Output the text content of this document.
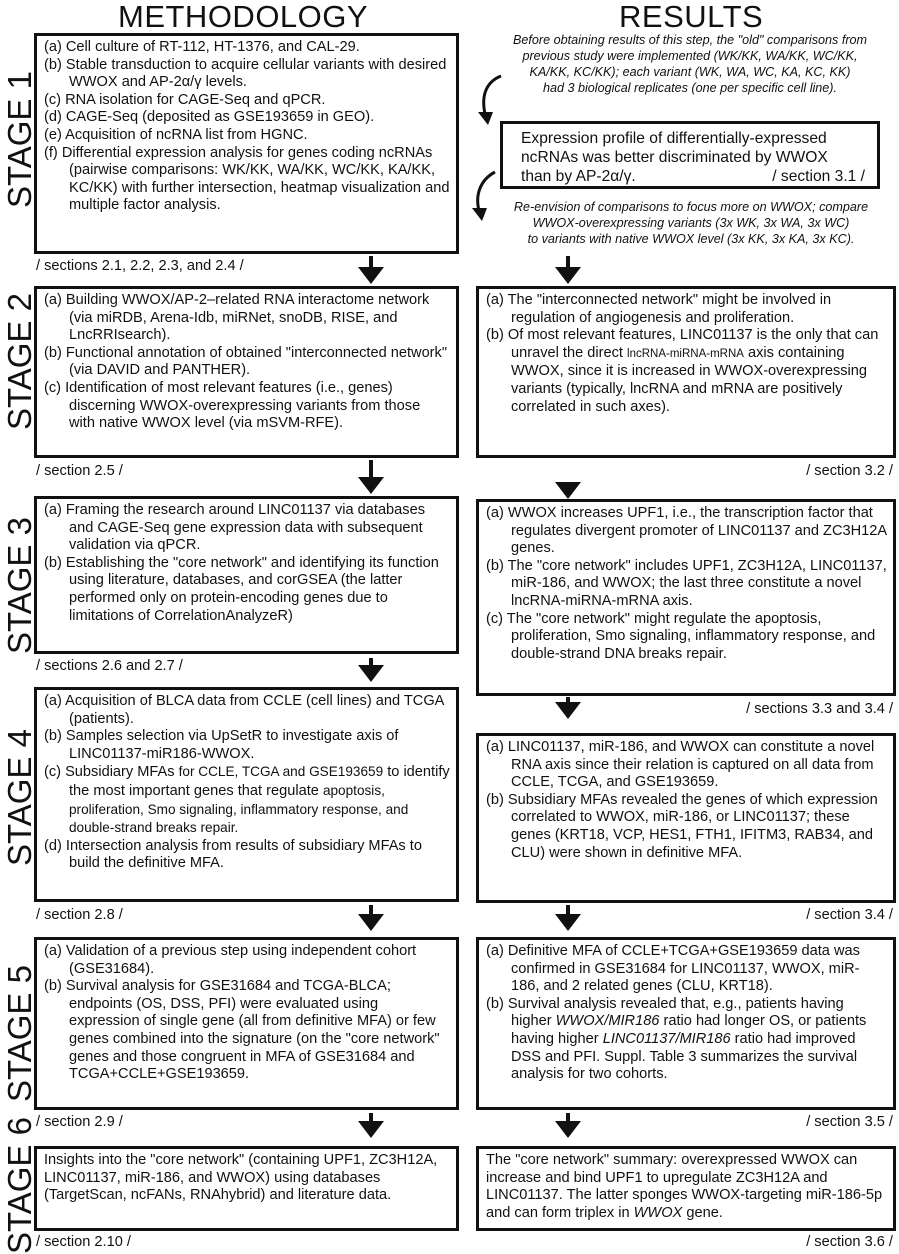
METHODOLOGY	RESULTS
STAGE 1
STAGE 2
STAGE 3
STAGE 4
STAGE 5
STAGE 6
(a) Cell culture of RT-112, HT-1376, and CAL-29.
(b) Stable transduction to acquire cellular variants with desired WWOX and AP-2α/γ levels.
(c) RNA isolation for CAGE-Seq and qPCR.
(d) CAGE-Seq (deposited as GSE193659 in GEO).
(e) Acquisition of ncRNA list from HGNC.
(f) Differential expression analysis for genes coding ncRNAs (pairwise comparisons: WK/KK, WA/KK, WC/KK, KA/KK, KC/KK) with further intersection, heatmap visualization and multiple factor analysis.
/ sections 2.1, 2.2, 2.3, and 2.4 /
Before obtaining results of this step, the "old" comparisons from
previous study were implemented (WK/KK, WA/KK, WC/KK,
KA/KK, KC/KK); each variant (WK, WA, WC, KA, KC, KK)
had 3 biological replicates (one per specific cell line).
Expression profile of differentially-expressed
ncRNAs was better discriminated by WWOX
than by AP-2α/γ.	/ section 3.1 /
Re-envision of comparisons to focus more on WWOX; compare
WWOX-overexpressing variants (3x WK, 3x WA, 3x WC)
to variants with native WWOX level (3x KK, 3x KA, 3x KC).
(a) Building WWOX/AP-2–related RNA interactome network (via miRDB, Arena-Idb, miRNet, snoDB, RISE, and LncRRIsearch).
(b) Functional annotation of obtained "interconnected network" (via DAVID and PANTHER).
(c) Identification of most relevant features (i.e., genes) discerning WWOX-overexpressing variants from those with native WWOX level (via mSVM-RFE).
/ section 2.5 /
(a) The "interconnected network" might be involved in regulation of angiogenesis and proliferation.
(b) Of most relevant features, LINC01137 is the only that can unravel the direct lncRNA-miRNA-mRNA axis containing WWOX, since it is increased in WWOX-overexpressing variants (typically, lncRNA and mRNA are positively correlated in such axes).
/ section 3.2 /
(a) Framing the research around LINC01137 via databases and CAGE-Seq gene expression data with subsequent validation via qPCR.
(b) Establishing the "core network" and identifying its function using literature, databases, and corGSEA (the latter performed only on protein-encoding genes due to limitations of CorrelationAnalyzeR)
/ sections 2.6 and 2.7 /
(a) WWOX increases UPF1, i.e., the transcription factor that regulates divergent promoter of LINC01137 and ZC3H12A genes.
(b) The "core network" includes UPF1, ZC3H12A, LINC01137, miR-186, and WWOX; the last three constitute a novel lncRNA-miRNA-mRNA axis.
(c) The "core network" might regulate the apoptosis, proliferation, Smo signaling, inflammatory response, and double-strand DNA breaks repair.
/ sections 3.3 and 3.4 /
(a) Acquisition of BLCA data from CCLE (cell lines) and TCGA (patients).
(b) Samples selection via UpSetR to investigate axis of LINC01137-miR186-WWOX.
(c) Subsidiary MFAs for CCLE, TCGA and GSE193659 to identify the most important genes that regulate apoptosis, proliferation, Smo signaling, inflammatory response, and double-strand breaks repair.
(d) Intersection analysis from results of subsidiary MFAs to build the definitive MFA.
/ section 2.8 /
(a) LINC01137, miR-186, and WWOX can constitute a novel RNA axis since their relation is captured on all data from CCLE, TCGA, and GSE193659.
(b) Subsidiary MFAs revealed the genes of which expression correlated to WWOX, miR-186, or LINC01137; these genes (KRT18, VCP, HES1, FTH1, IFITM3, RAB34, and CLU) were shown in definitive MFA.
/ section 3.4 /
(a) Validation of a previous step using independent cohort (GSE31684).
(b) Survival analysis for GSE31684 and TCGA-BLCA; endpoints (OS, DSS, PFI) were evaluated using expression of single gene (all from definitive MFA) or few genes combined into the signature (on the "core network" genes and those congruent in MFA of GSE31684 and TCGA+CCLE+GSE193659.
/ section 2.9 /
(a) Definitive MFA of CCLE+TCGA+GSE193659 data was confirmed in GSE31684 for LINC01137, WWOX, miR-186, and 2 related genes (CLU, KRT18).
(b) Survival analysis revealed that, e.g., patients having higher WWOX/MIR186 ratio had longer OS, or patients having higher LINC01137/MIR186 ratio had improved DSS and PFI. Suppl. Table 3 summarizes the survival analysis for two cohorts.
/ section 3.5 /
Insights into the "core network" (containing UPF1, ZC3H12A, LINC01137, miR-186, and WWOX) using databases (TargetScan, ncFANs, RNAhybrid) and literature data.
/ section 2.10 /
The "core network" summary: overexpressed WWOX can increase and bind UPF1 to upregulate ZC3H12A and LINC01137. The latter sponges WWOX-targeting miR-186-5p and can form triplex in WWOX gene.
/ section 3.6 /
